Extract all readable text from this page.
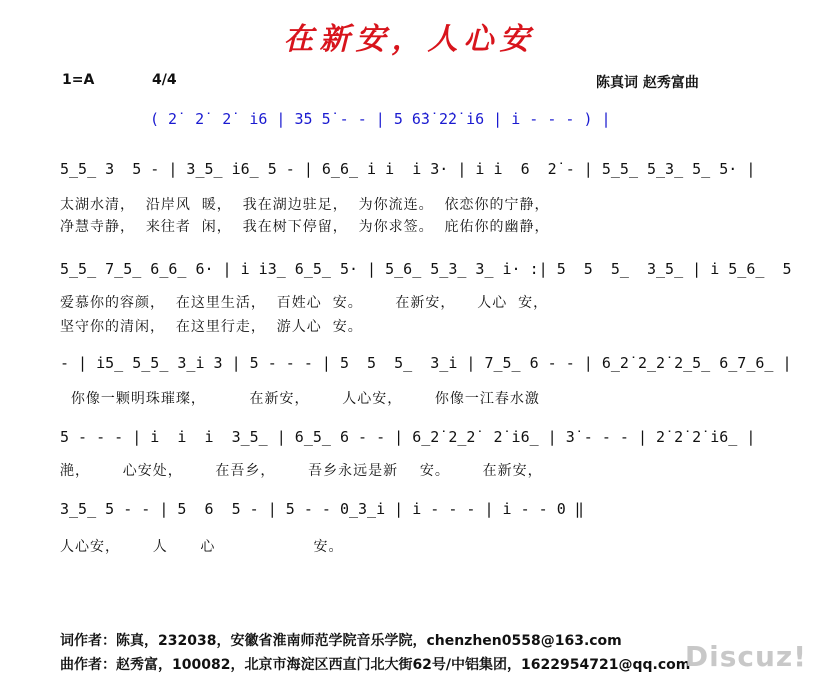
在新安，人心安
1=A	4/4	陈真词 赵秀富曲
( 2̇  2̇  2̇  i̇6 | 3̇5 5̇ - - | 5 6̇3̇ 2̇2̇ i̇6 | i̇ - - - ) |
5̲5̲ 3  5 - | 3̲5̲ i̇6̲ 5 - | 6̲6̲ i̇ i̇  i̇ 3· | i̇ i̇  6  2̇ - | 5̲5̲ 5̲3̲ 5̲ 5· |
太湖水清，  沿岸风  暖，  我在湖边驻足，  为你流连。  依恋你的宁静，
净慧寺静，  来往者  闲，  我在树下停留，  为你求签。  庇佑你的幽静，
5̲5̲ 7̲5̲ 6̲6̲ 6· | i̇ i̇3̲ 6̲5̲ 5· | 5̲6̲ 5̲3̲ 3̲ i̇· :| 5  5  5̲  3̲5̲ | i̇ 5̲6̲  5
爱慕你的容颜，  在这里生活，  百姓心  安。      在新安，    人心  安，
坚守你的清闲，  在这里行走，  游人心  安。
- | i̇5̲ 5̲5̲ 3̲i̇ 3 | 5 - - - | 5  5  5̲  3̲i̇ | 7̲5̲ 6 - - | 6̲2̇ 2̲2̇ 2̲5̲ 6̲7̲6̲ |
你像一颗明珠璀璨，        在新安，      人心安，      你像一江春水激
5 - - - | i̇  i̇  i̇  3̲5̲ | 6̲5̲ 6 - - | 6̲2̇ 2̲2̇  2̇ i̇6̲ | 3̇ - - - | 2̇ 2̇ 2̇ i̇6̲ |
滟，      心安处，      在吾乡，      吾乡永远是新    安。      在新安，
3̲5̲ 5 - - | 5  6  5 - | 5 - - 0̲3̲i̇ | i̇ - - - | i̇ - - 0 ‖
人心安，      人      心                  安。
词作者：陈真，232038，安徽省淮南师范学院音乐学院，chenzhen0558@163.com
曲作者：赵秀富，100082，北京市海淀区西直门北大街62号/中铝集团，1622954721@qq.com
Discuz!
